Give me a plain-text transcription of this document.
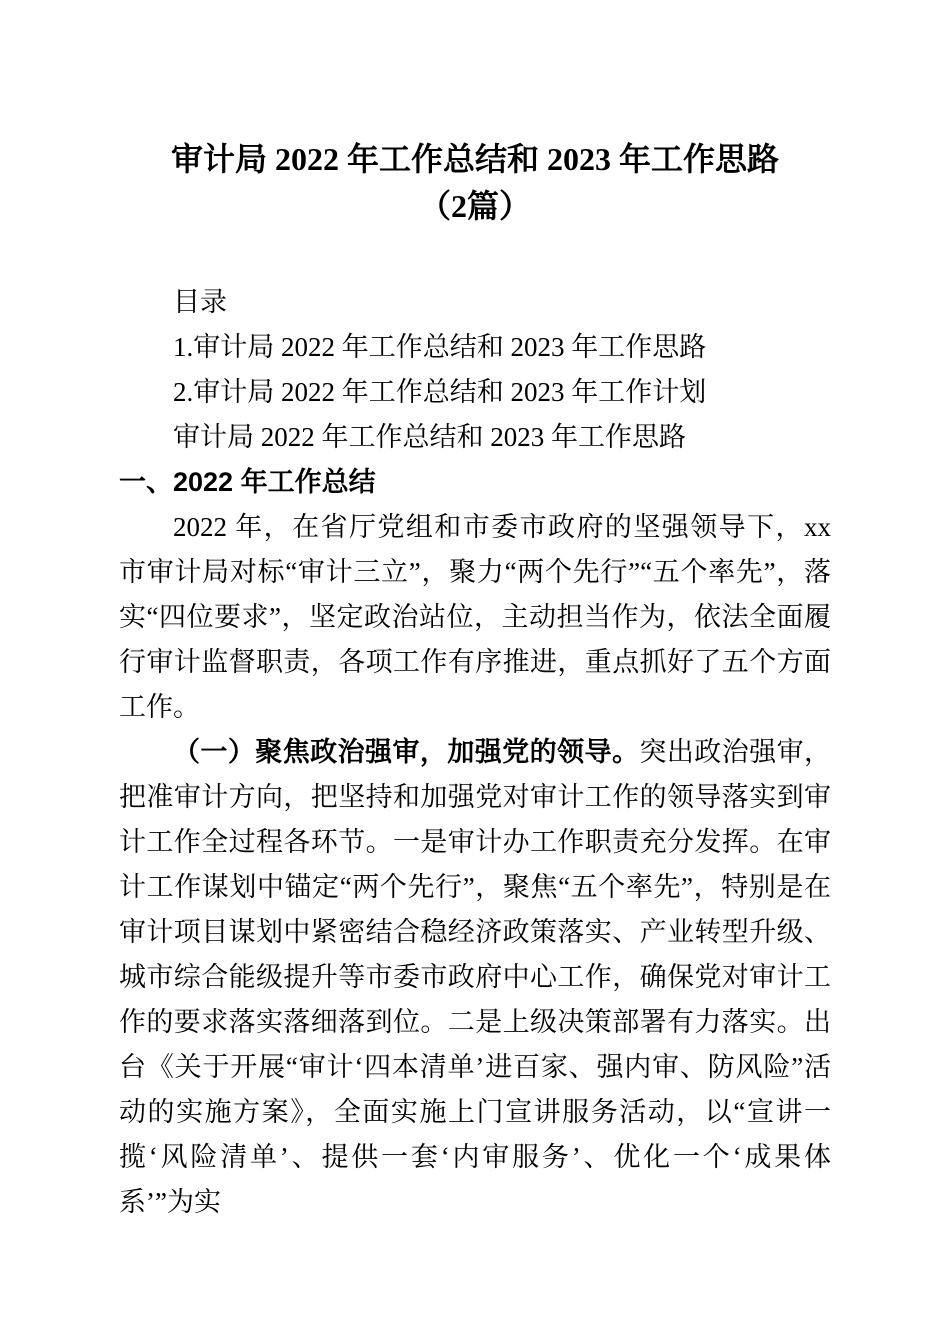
审计局 2022 年工作总结和 2023 年工作思路
（2篇）

目录

1.审计局 2022 年工作总结和 2023 年工作思路

2.审计局 2022 年工作总结和 2023 年工作计划

审计局 2022 年工作总结和 2023 年工作思路

一、2022 年工作总结

2022 年，在省厅党组和市委市政府的坚强领导下，xx 市审计局对标“审计三立”，聚力“两个先行”“五个率先”，落实“四位要求”，坚定政治站位，主动担当作为，依法全面履行审计监督职责，各项工作有序推进，重点抓好了五个方面工作。

（一）聚焦政治强审，加强党的领导。突出政治强审，把准审计方向，把坚持和加强党对审计工作的领导落实到审计工作全过程各环节。一是审计办工作职责充分发挥。在审计工作谋划中锚定“两个先行”，聚焦“五个率先”，特别是在审计项目谋划中紧密结合稳经济政策落实、产业转型升级、城市综合能级提升等市委市政府中心工作，确保党对审计工作的要求落实落细落到位。二是上级决策部署有力落实。出台《关于开展“审计‘四本清单’进百家、强内审、防风险”活动的实施方案》，全面实施上门宣讲服务活动，以“宣讲一揽‘风险清单’、提供一套‘内审服务’、优化一个‘成果体系’”为实
